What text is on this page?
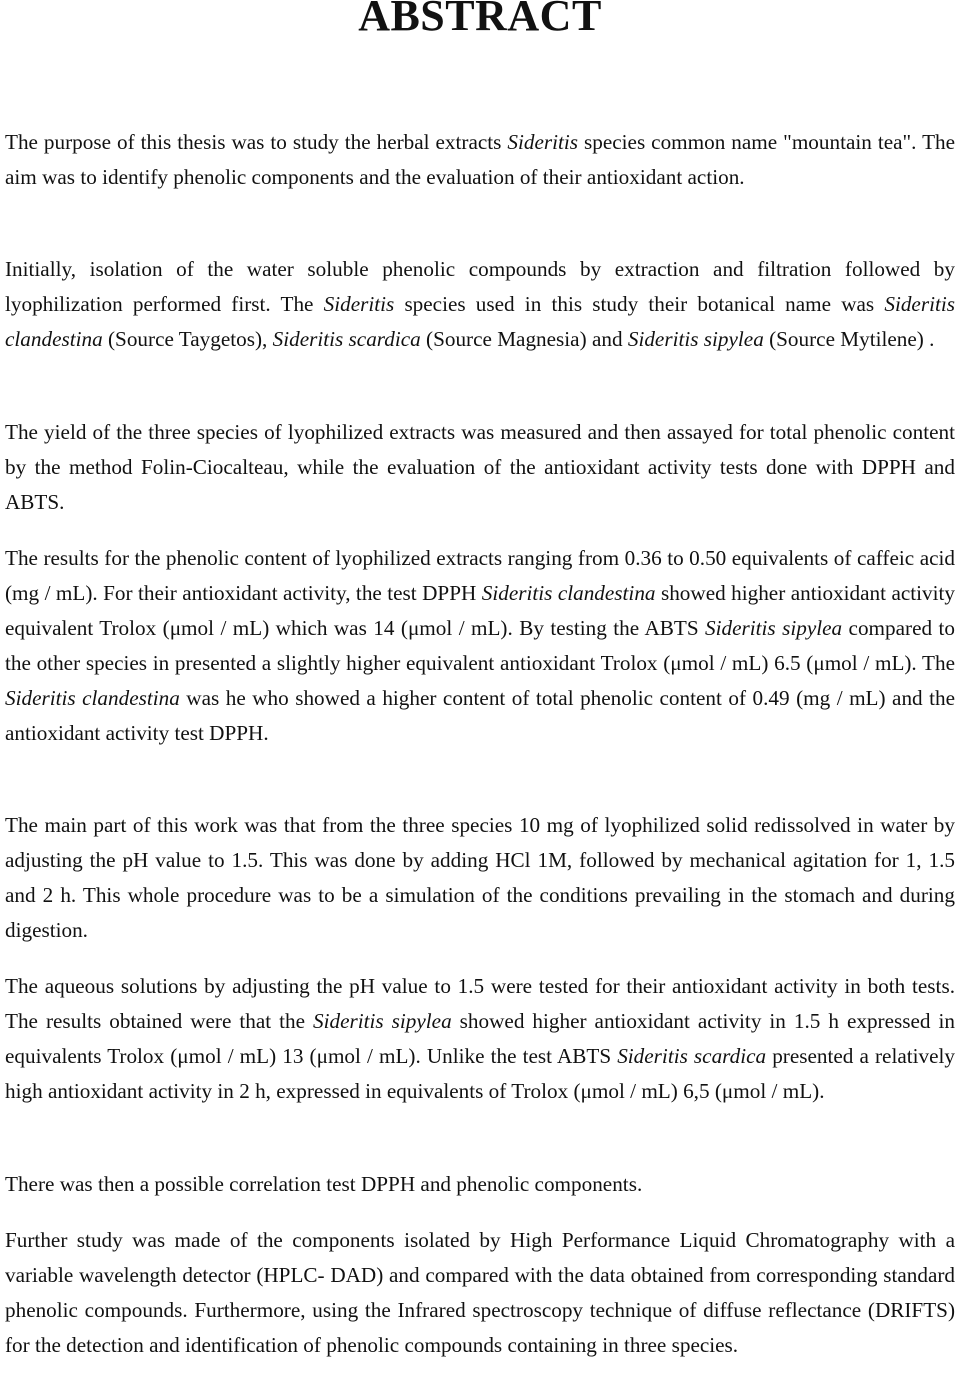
ABSTRACT

The purpose of this thesis was to study the herbal extracts Sideritis species common name "mountain tea". The aim was to identify phenolic components and the evaluation of their antioxidant action.

Initially, isolation of the water soluble phenolic compounds by extraction and filtration followed by lyophilization performed first. The Sideritis species used in this study their botanical name was Sideritis clandestina (Source Taygetos), Sideritis scardica (Source Magnesia) and Sideritis sipylea (Source Mytilene) .

The yield of the three species of lyophilized extracts was measured and then assayed for total phenolic content by the method Folin-Ciocalteau, while the evaluation of the antioxidant activity tests done with DPPH and ABTS.

The results for the phenolic content of lyophilized extracts ranging from 0.36 to 0.50 equivalents of caffeic acid (mg / mL). For their antioxidant activity, the test DPPH Sideritis clandestina showed higher antioxidant activity equivalent Trolox (μmol / mL) which was 14 (μmol / mL). By testing the ABTS Sideritis sipylea compared to the other species in presented a slightly higher equivalent antioxidant Trolox (μmol / mL) 6.5 (μmol / mL). The Sideritis clandestina was he who showed a higher content of total phenolic content of 0.49 (mg / mL) and the antioxidant activity test DPPH.

The main part of this work was that from the three species 10 mg of lyophilized solid redissolved in water by adjusting the pH value to 1.5. This was done by adding HCl 1M, followed by mechanical agitation for 1, 1.5 and 2 h. This whole procedure was to be a simulation of the conditions prevailing in the stomach and during digestion.

The aqueous solutions by adjusting the pH value to 1.5 were tested for their antioxidant activity in both tests. The results obtained were that the Sideritis sipylea showed higher antioxidant activity in 1.5 h expressed in equivalents Trolox (μmol / mL) 13 (μmol / mL). Unlike the test ABTS Sideritis scardica presented a relatively high antioxidant activity in 2 h, expressed in equivalents of Trolox (μmol / mL) 6,5 (μmol / mL).

There was then a possible correlation test DPPH and phenolic components.

Further study was made of the components isolated by High Performance Liquid Chromatography with a variable wavelength detector (HPLC- DAD) and compared with the data obtained from corresponding standard phenolic compounds. Furthermore, using the Infrared spectroscopy technique of diffuse reflectance (DRIFTS) for the detection and identification of phenolic compounds containing in three species.
